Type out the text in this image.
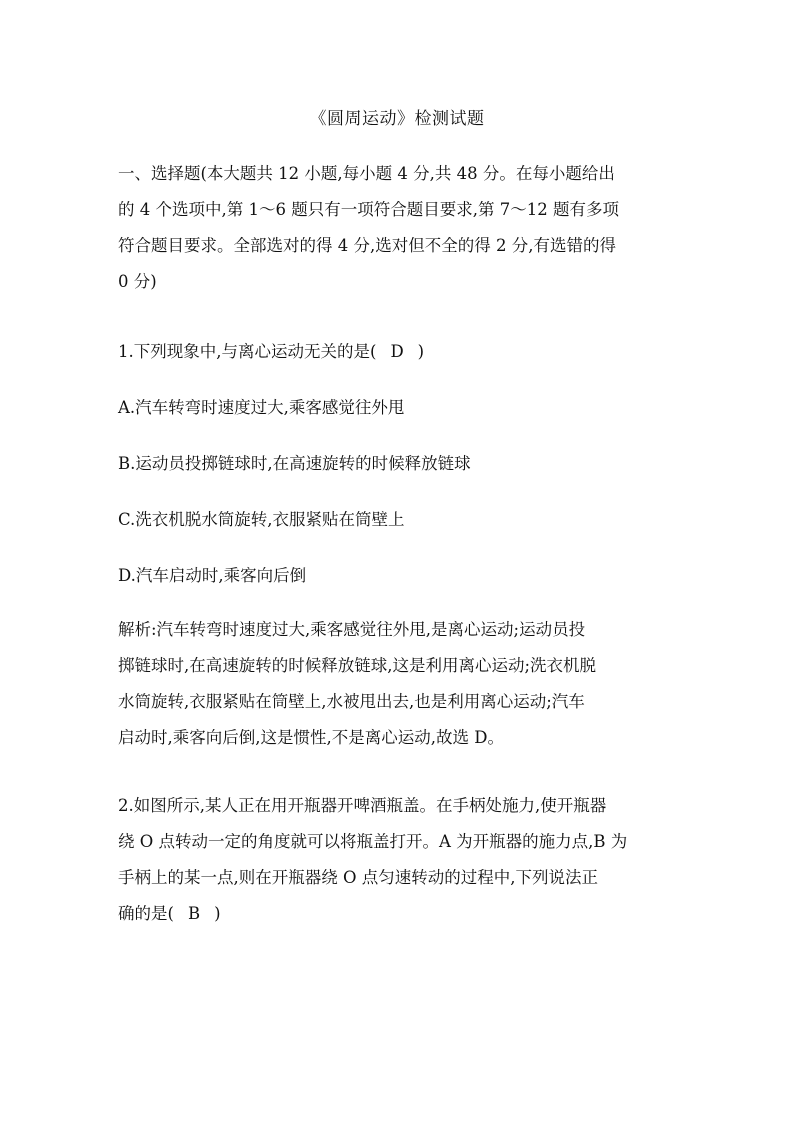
《圆周运动》检测试题

一、选择题(本大题共 12 小题,每小题 4 分,共 48 分。在每小题给出
的 4 个选项中,第 1～6 题只有一项符合题目要求,第 7～12 题有多项
符合题目要求。全部选对的得 4 分,选对但不全的得 2 分,有选错的得
0 分)

1.下列现象中,与离心运动无关的是( D )

A.汽车转弯时速度过大,乘客感觉往外甩

B.运动员投掷链球时,在高速旋转的时候释放链球

C.洗衣机脱水筒旋转,衣服紧贴在筒壁上

D.汽车启动时,乘客向后倒

解析:汽车转弯时速度过大,乘客感觉往外甩,是离心运动;运动员投
掷链球时,在高速旋转的时候释放链球,这是利用离心运动;洗衣机脱
水筒旋转,衣服紧贴在筒壁上,水被甩出去,也是利用离心运动;汽车
启动时,乘客向后倒,这是惯性,不是离心运动,故选 D。

2.如图所示,某人正在用开瓶器开啤酒瓶盖。在手柄处施力,使开瓶器
绕 O 点转动一定的角度就可以将瓶盖打开。A 为开瓶器的施力点,B 为
手柄上的某一点,则在开瓶器绕 O 点匀速转动的过程中,下列说法正
确的是( B )
